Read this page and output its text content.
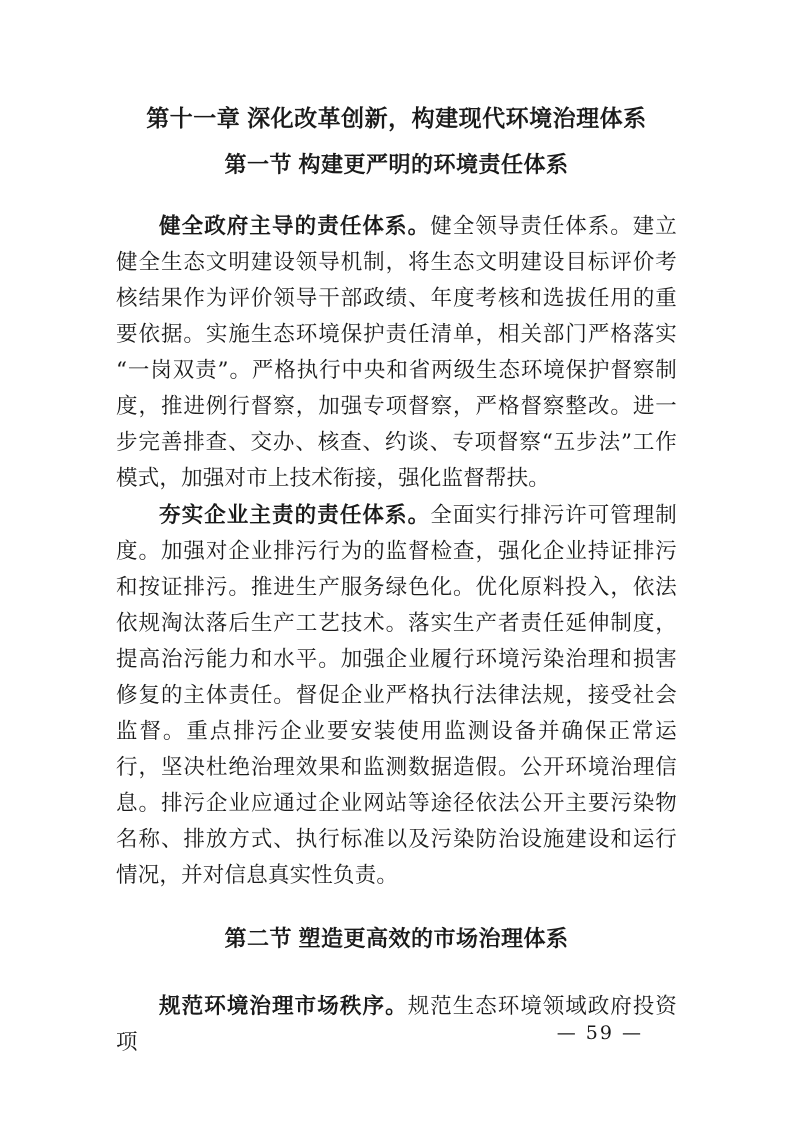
第十一章 深化改革创新，构建现代环境治理体系
第一节 构建更严明的环境责任体系

健全政府主导的责任体系。健全领导责任体系。建立健全生态文明建设领导机制，将生态文明建设目标评价考核结果作为评价领导干部政绩、年度考核和选拔任用的重要依据。实施生态环境保护责任清单，相关部门严格落实“一岗双责”。严格执行中央和省两级生态环境保护督察制度，推进例行督察，加强专项督察，严格督察整改。进一步完善排查、交办、核查、约谈、专项督察“五步法”工作模式，加强对市上技术衔接，强化监督帮扶。

夯实企业主责的责任体系。全面实行排污许可管理制度。加强对企业排污行为的监督检查，强化企业持证排污和按证排污。推进生产服务绿色化。优化原料投入，依法依规淘汰落后生产工艺技术。落实生产者责任延伸制度，提高治污能力和水平。加强企业履行环境污染治理和损害修复的主体责任。督促企业严格执行法律法规，接受社会监督。重点排污企业要安装使用监测设备并确保正常运行，坚决杜绝治理效果和监测数据造假。公开环境治理信息。排污企业应通过企业网站等途径依法公开主要污染物名称、排放方式、执行标准以及污染防治设施建设和运行情况，并对信息真实性负责。

第二节 塑造更高效的市场治理体系

规范环境治理市场秩序。规范生态环境领域政府投资项	— 59 —
